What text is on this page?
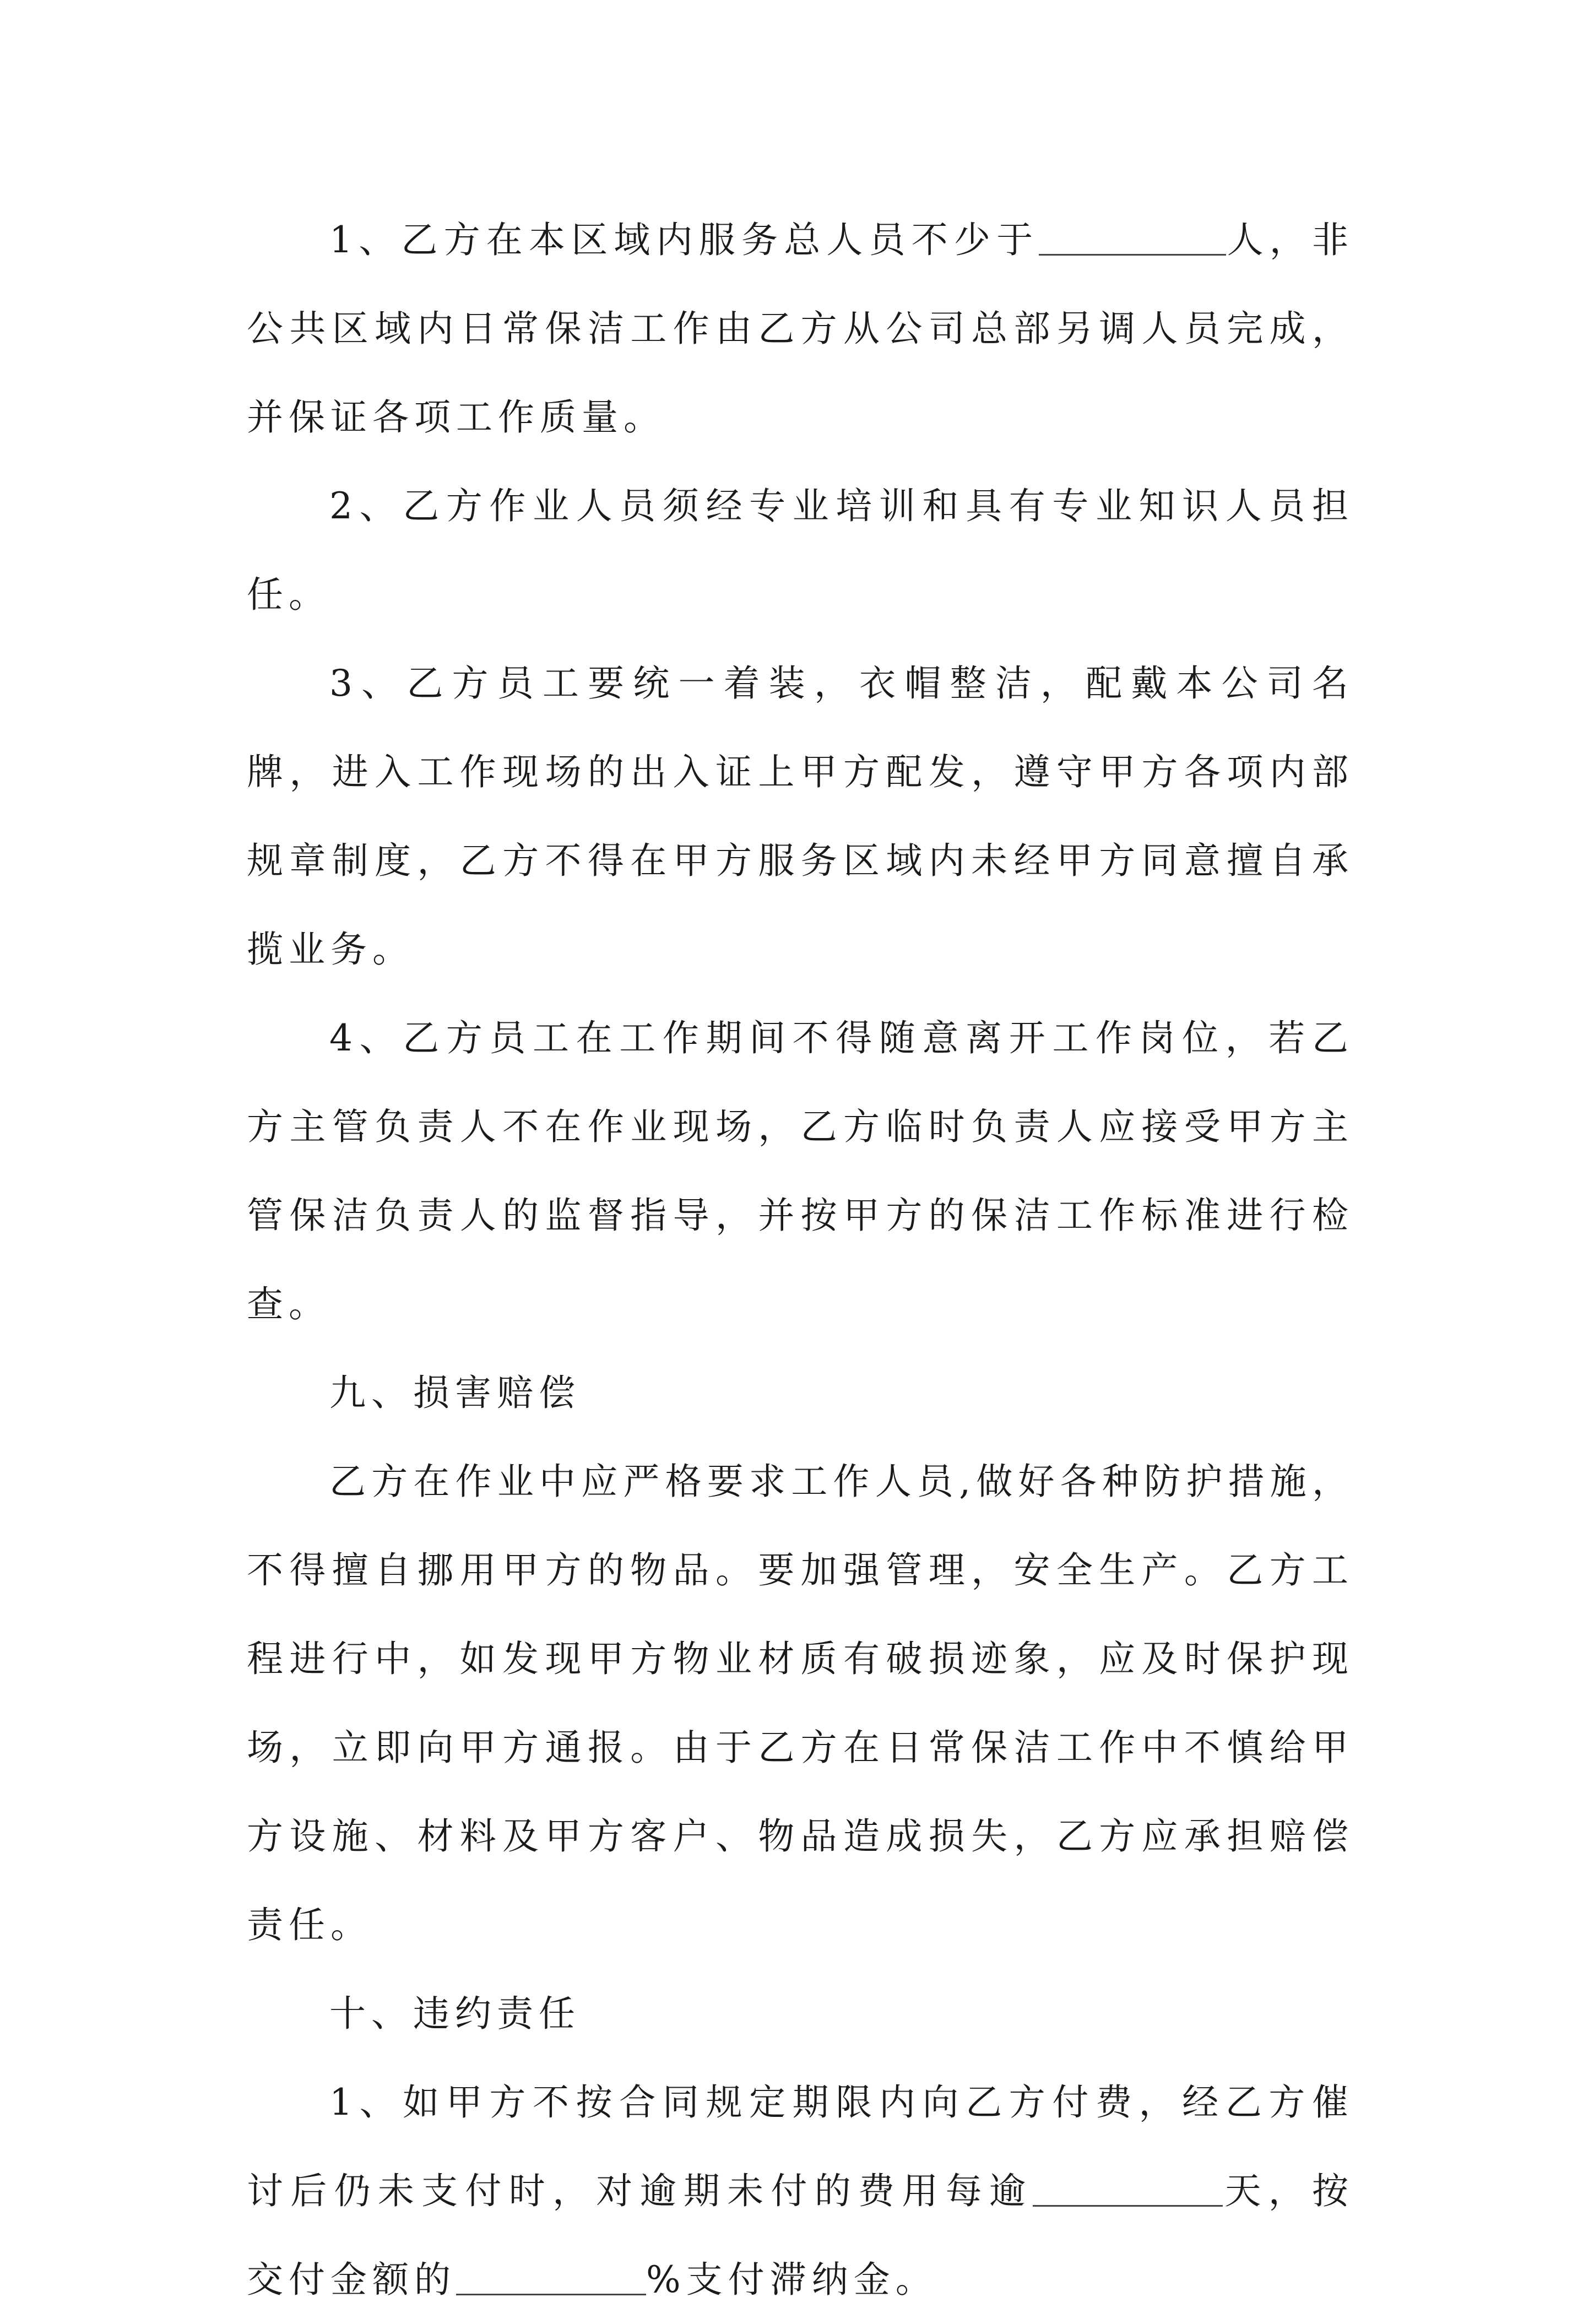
1、乙方在本区域内服务总人员不少于	人，非公共区域内日常保洁工作由乙方从公司总部另调人员完成，并保证各项工作质量。

2、乙方作业人员须经专业培训和具有专业知识人员担任。

3、乙方员工要统一着装，衣帽整洁，配戴本公司名牌，进入工作现场的出入证上甲方配发，遵守甲方各项内部规章制度，乙方不得在甲方服务区域内未经甲方同意擅自承揽业务。

4、乙方员工在工作期间不得随意离开工作岗位，若乙方主管负责人不在作业现场，乙方临时负责人应接受甲方主管保洁负责人的监督指导，并按甲方的保洁工作标准进行检查。

九、损害赔偿

乙方在作业中应严格要求工作人员,做好各种防护措施，不得擅自挪用甲方的物品。要加强管理，安全生产。乙方工程进行中，如发现甲方物业材质有破损迹象，应及时保护现场，立即向甲方通报。由于乙方在日常保洁工作中不慎给甲方设施、材料及甲方客户、物品造成损失，乙方应承担赔偿责任。

十、违约责任

1、如甲方不按合同规定期限内向乙方付费，经乙方催讨后仍未支付时，对逾期未付的费用每逾	天，按交付金额的	%支付滞纳金。
